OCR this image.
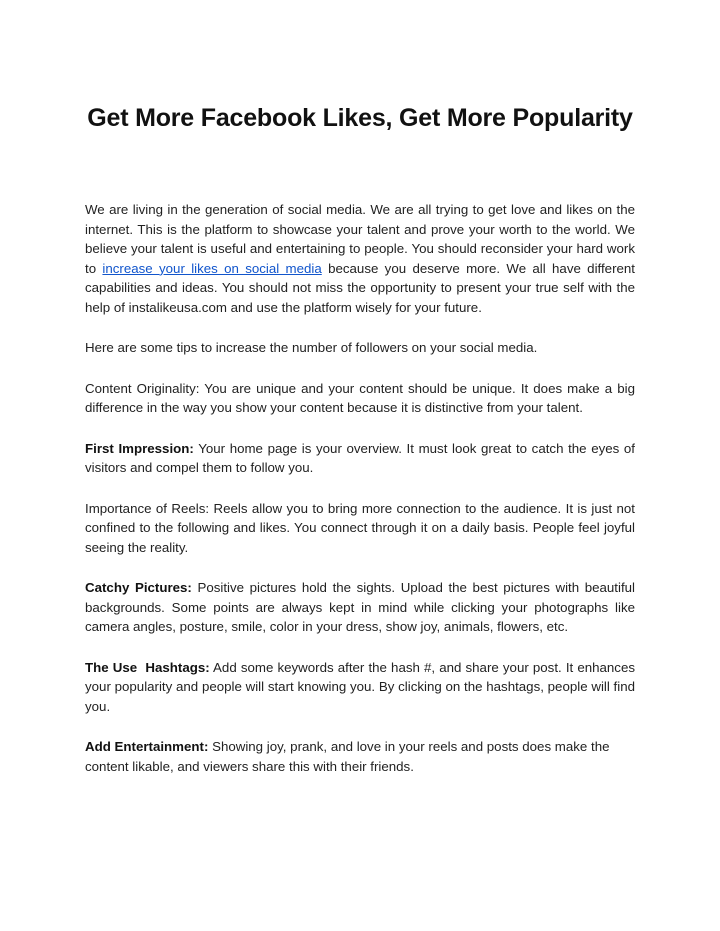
Get More Facebook Likes, Get More Popularity

We are living in the generation of social media. We are all trying to get love and likes on the internet. This is the platform to showcase your talent and prove your worth to the world. We believe your talent is useful and entertaining to people. You should reconsider your hard work to increase your likes on social media because you deserve more. We all have different capabilities and ideas. You should not miss the opportunity to present your true self with the help of instalikeusa.com and use the platform wisely for your future.

Here are some tips to increase the number of followers on your social media.

Content Originality: You are unique and your content should be unique. It does make a big difference in the way you show your content because it is distinctive from your talent.

First Impression: Your home page is your overview. It must look great to catch the eyes of visitors and compel them to follow you.

Importance of Reels: Reels allow you to bring more connection to the audience. It is just not confined to the following and likes. You connect through it on a daily basis. People feel joyful seeing the reality.

Catchy Pictures: Positive pictures hold the sights. Upload the best pictures with beautiful backgrounds. Some points are always kept in mind while clicking your photographs like camera angles, posture, smile, color in your dress, show joy, animals, flowers, etc.

The Use  Hashtags: Add some keywords after the hash #, and share your post. It enhances your popularity and people will start knowing you. By clicking on the hashtags, people will find you.

Add Entertainment: Showing joy, prank, and love in your reels and posts does make the content likable, and viewers share this with their friends.
